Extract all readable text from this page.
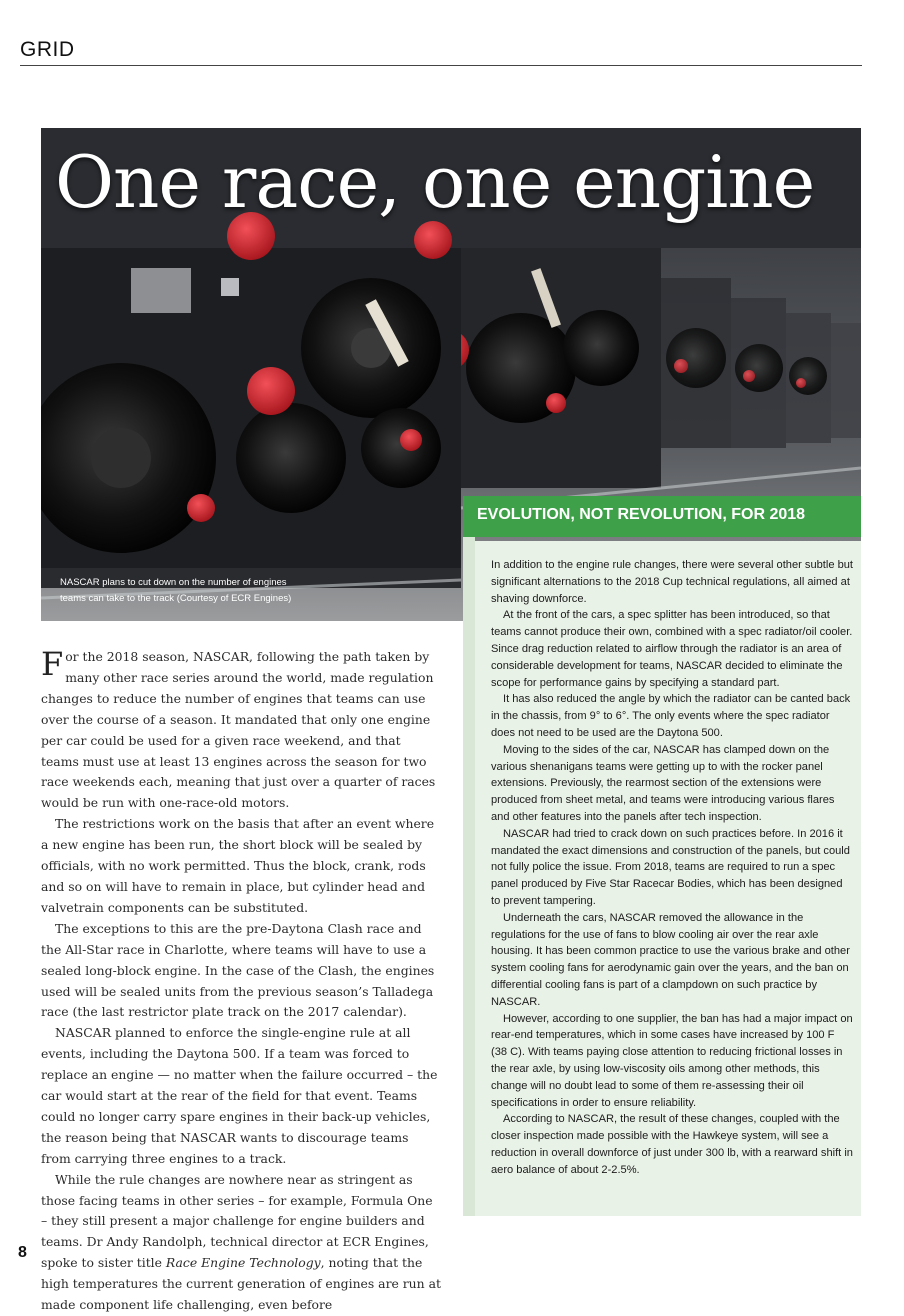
GRID
One race, one engine
NASCAR plans to cut down on the number of engines teams can take to the track (Courtesy of ECR Engines)

For the 2018 season, NASCAR, following the path taken by many other race series around the world, made regulation changes to reduce the number of engines that teams can use over the course of a season. It mandated that only one engine per car could be used for a given race weekend, and that teams must use at least 13 engines across the season for two race weekends each, meaning that just over a quarter of races would be run with one-race-old motors.

The restrictions work on the basis that after an event where a new engine has been run, the short block will be sealed by officials, with no work permitted. Thus the block, crank, rods and so on will have to remain in place, but cylinder head and valvetrain components can be substituted.

The exceptions to this are the pre-Daytona Clash race and the All-Star race in Charlotte, where teams will have to use a sealed long-block engine. In the case of the Clash, the engines used will be sealed units from the previous season’s Talladega race (the last restrictor plate track on the 2017 calendar).

NASCAR planned to enforce the single-engine rule at all events, including the Daytona 500. If a team was forced to replace an engine — no matter when the failure occurred – the car would start at the rear of the field for that event. Teams could no longer carry spare engines in their back-up vehicles, the reason being that NASCAR wants to discourage teams from carrying three engines to a track.

While the rule changes are nowhere near as stringent as those facing teams in other series – for example, Formula One – they still present a major challenge for engine builders and teams. Dr Andy Randolph, technical director at ECR Engines, spoke to sister title Race Engine Technology, noting that the high temperatures the current generation of engines are run at made component life challenging, even before

EVOLUTION, NOT REVOLUTION, FOR 2018

In addition to the engine rule changes, there were several other subtle but significant alternations to the 2018 Cup technical regulations, all aimed at shaving downforce.

At the front of the cars, a spec splitter has been introduced, so that teams cannot produce their own, combined with a spec radiator/oil cooler. Since drag reduction related to airflow through the radiator is an area of considerable development for teams, NASCAR decided to eliminate the scope for performance gains by specifying a standard part.

It has also reduced the angle by which the radiator can be canted back in the chassis, from 9° to 6°. The only events where the spec radiator does not need to be used are the Daytona 500.

Moving to the sides of the car, NASCAR has clamped down on the various shenanigans teams were getting up to with the rocker panel extensions. Previously, the rearmost section of the extensions were produced from sheet metal, and teams were introducing various flares and other features into the panels after tech inspection.

NASCAR had tried to crack down on such practices before. In 2016 it mandated the exact dimensions and construction of the panels, but could not fully police the issue. From 2018, teams are required to run a spec panel produced by Five Star Racecar Bodies, which has been designed to prevent tampering.

Underneath the cars, NASCAR removed the allowance in the regulations for the use of fans to blow cooling air over the rear axle housing. It has been common practice to use the various brake and other system cooling fans for aerodynamic gain over the years, and the ban on differential cooling fans is part of a clampdown on such practice by NASCAR.

However, according to one supplier, the ban has had a major impact on rear-end temperatures, which in some cases have increased by 100 F (38 C). With teams paying close attention to reducing frictional losses in the rear axle, by using low-viscosity oils among other methods, this change will no doubt lead to some of them re-assessing their oil specifications in order to ensure reliability.

According to NASCAR, the result of these changes, coupled with the closer inspection made possible with the Hawkeye system, will see a reduction in overall downforce of just under 300 lb, with a rearward shift in aero balance of about 2-2.5%.

8
